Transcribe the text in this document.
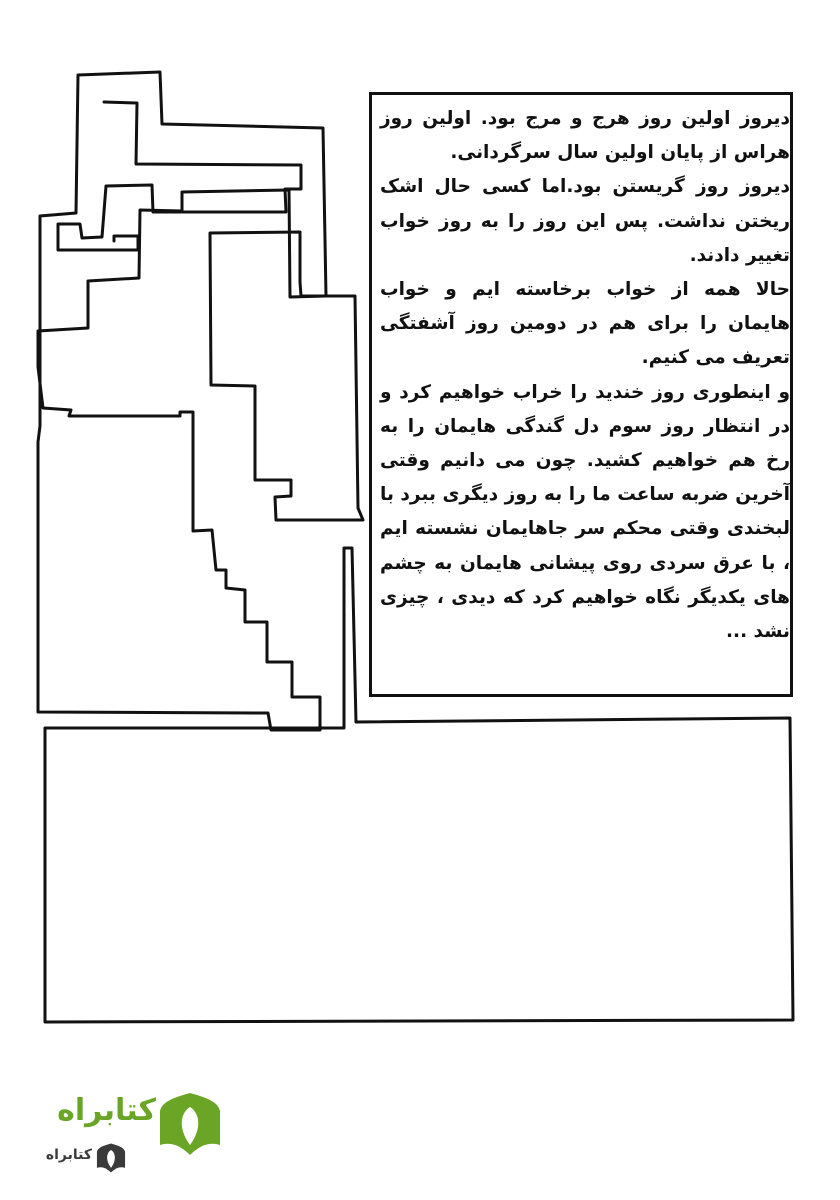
دیروز اولین روز هرج و مرج بود. اولین روز هراس از پایان اولین سال سرگردانی.

دیروز روز گریستن بود.اما کسی حال اشک ریختن نداشت. پس این روز را به روز خواب تغییر دادند.

حالا همه از خواب برخاسته ایم و خواب هایمان را برای هم در دومین روز آشفتگی تعریف می کنیم.

و اینطوری روز خندید را خراب خواهیم کرد و در انتظار روز سوم دل گندگی هایمان را به رخ هم خواهیم کشید. چون می دانیم وقتی آخرین ضربه ساعت ما را به روز دیگری ببرد با لبخندی وقتی محکم سر جاهایمان نشسته ایم ، با عرق سردی روی پیشانی هایمان به چشم های یکدیگر نگاه خواهیم کرد که دیدی ، چیزی نشد ...

کتابراه
کتابراه
